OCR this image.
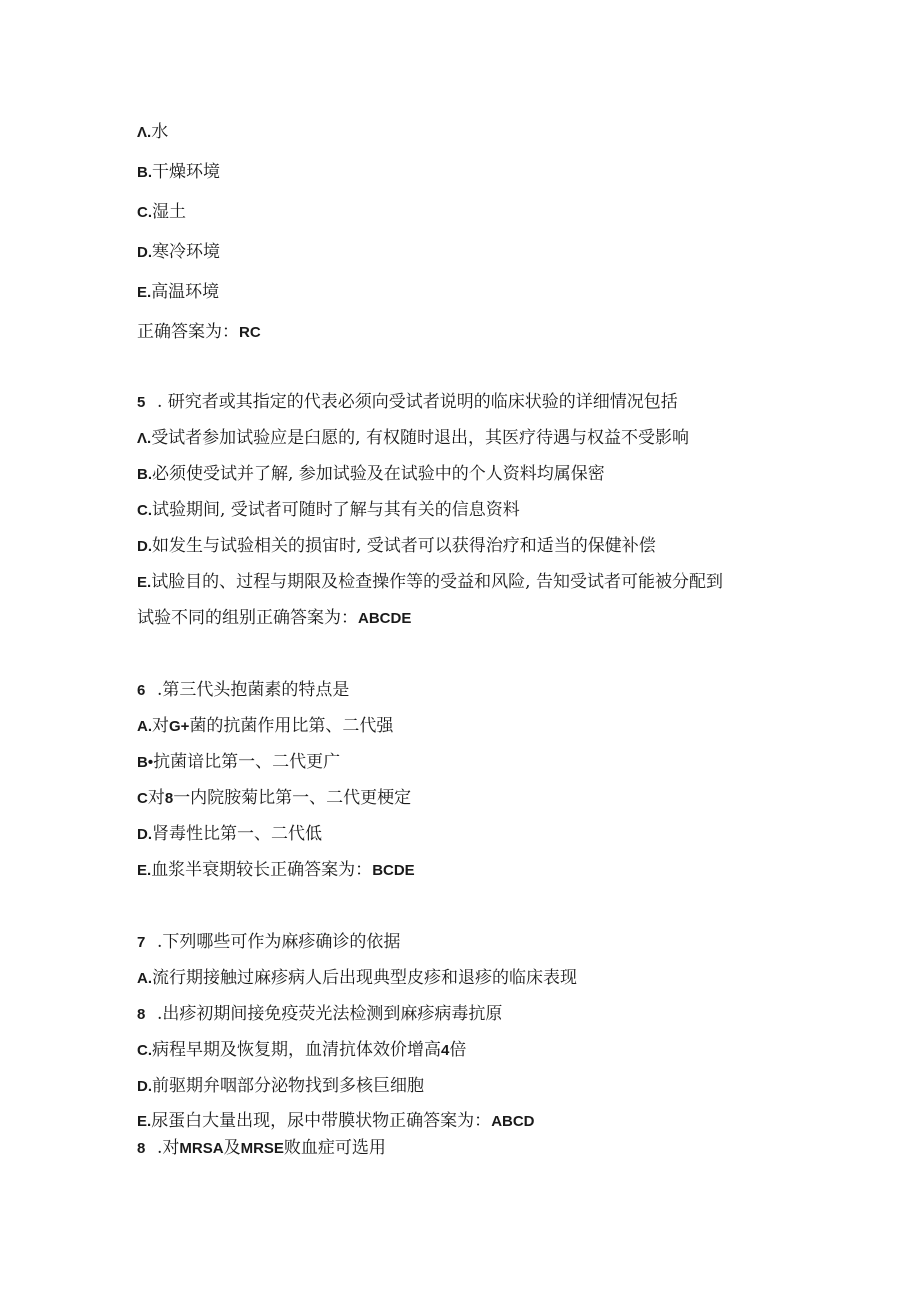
Λ.水
B.干燥环境
C.湿土
D.寒冷环境
E.高温环境
正确答案为：RC
5 . 研究者或其指定的代表必须向受试者说明的临床状验的详细情况包括
Λ.受试者参加试验应是臼愿的, 有权随时退出，其医疗待遇与权益不受影响
B.必须使受试并了解, 参加试验及在试验中的个人资料均属保密
C.试验期间, 受试者可随时了解与其有关的信息资料
D.如发生与试验相关的损宙时, 受试者可以获得治疗和适当的保健补偿
E.试脸目的、过程与期限及检查操作等的受益和风险, 告知受试者可能被分配到
试验不同的组别正确答案为：ABCDE
6 .第三代头抱菌素的特点是
A.对G+菌的抗菌作用比第、二代强
B•抗菌谙比第一、二代更广
C对8一内院胺菊比第一、二代更梗定
D.肾毒性比第一、二代低
E.血浆半衰期较长正确答案为：BCDE
7 .下列哪些可作为麻疹确诊的依据
A.流行期接触过麻疹病人后出现典型皮疹和退疹的临床表现
8 .出疹初期间接免疫荧光法检测到麻疹病毒抗原
C.病程早期及恢复期，血清抗体效价增高4倍
D.前驱期弁咽部分泌物找到多核巨细胞
E.尿蛋白大量出现，尿中带膜状物正确答案为：ABCD
8 .对MRSA及MRSE败血症可选用
